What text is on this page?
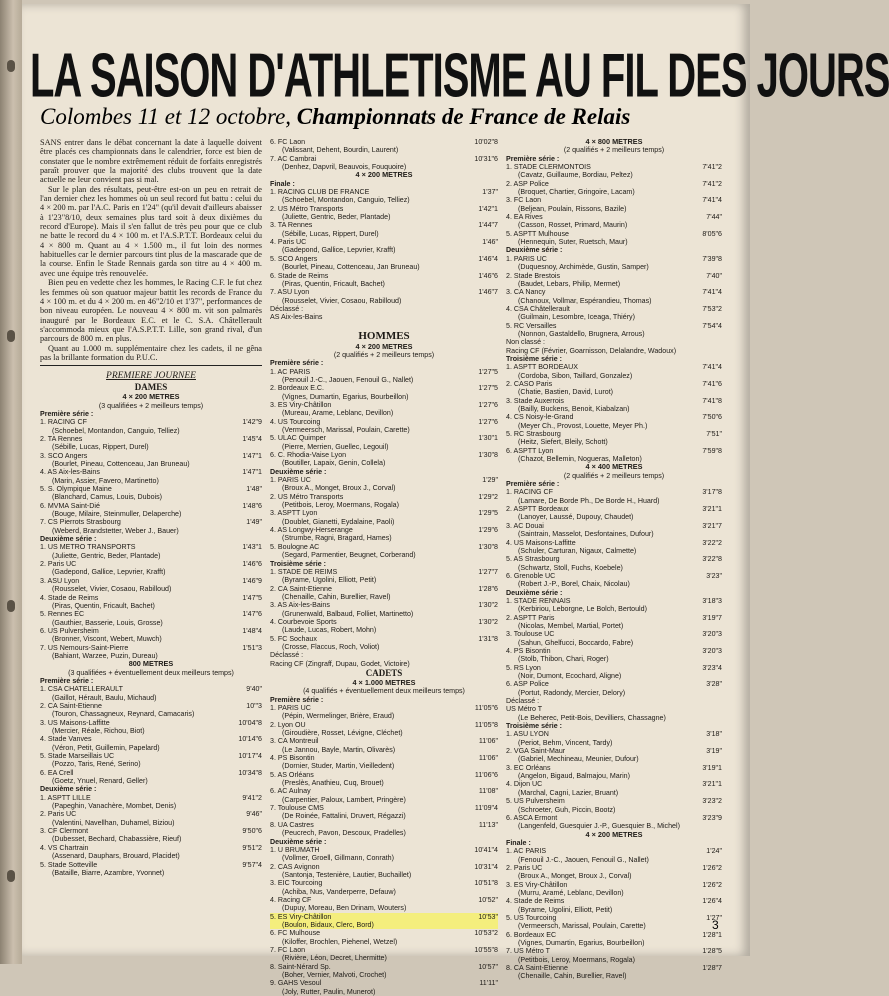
LA SAISON D'ATHLETISME AU FIL DES JOURS
Colombes 11 et 12 octobre, Championnats de France de Relais

SANS entrer dans le débat concernant la date à laquelle doivent être placés ces championnats dans le calendrier, force est bien de constater que le nombre extrêmement réduit de forfaits enregistrés paraît prouver que la majorité des clubs trouvent que la date actuelle ne leur convient pas si mal.

Sur le plan des résultats, peut-être est-on un peu en retrait de l'an dernier chez les hommes où un seul record fut battu : celui du 4 × 200 m. par l'A.C. Paris en 1'24" (qu'il devait d'ailleurs abaisser à 1'23"8/10, deux semaines plus tard soit à deux dixièmes du record d'Europe). Mais il s'en fallut de très peu pour que ce club ne batte le record du 4 × 100 m. et l'A.S.P.T.T. Bordeaux celui du 4 × 800 m. Quant au 4 × 1.500 m., il fut loin des normes habituelles car le dernier parcours tint plus de la mascarade que de la course. Enfin le Stade Rennais garda son titre au 4 × 400 m. avec une équipe très renouvelée.

Bien peu en vedette chez les hommes, le Racing C.F. le fut chez les femmes où son quatuor majeur battit les records de France du 4 × 100 m. et du 4 × 200 m. en 46"2/10 et 1'37", performances de bon niveau européen. Le nouveau 4 × 800 m. vit son palmarès inauguré par le Bordeaux E.C. et le C. S.A. Châtellerault s'accommoda mieux que l'A.S.P.T.T. Lille, son grand rival, d'un parcours de 800 m. en plus.

Quant au 1.000 m. supplémentaire chez les cadets, il ne gêna pas la brillante formation du P.U.C.

PREMIERE JOURNEE
DAMES
4 × 200 METRES
(3 qualifiées + 2 meilleurs temps)
Première série :
1. RACING CF	1'42"9
(Schoebel, Montandon, Canguio, Telliez)
2. TA Rennes	1'45"4
(Sébille, Lucas, Rippert, Durel)
3. SCO Angers	1'47"1
(Bourlet, Pineau, Cottenceau, Jan Bruneau)
4. AS Aix-les-Bains	1'47"1
(Marin, Assier, Favero, Martinetto)
5. S. Olympique Maine	1'48"
(Blanchard, Camus, Louis, Dubois)
6. MVMA Saint-Dié	1'48"6
(Bouge, Milaire, Steinmuller, Delaperche)
7. CS Pierrots Strasbourg	1'49"
(Weberd, Brandstetter, Weber J., Bauer)
Deuxième série :
1. US METRO TRANSPORTS	1'43"1
(Juliette, Gentric, Beder, Plantade)
2. Paris UC	1'46"6
(Gadepond, Gallice, Lepvrier, Krafft)
3. ASU Lyon	1'46"9
(Rousselet, Vivier, Cosaou, Rabilloud)
4. Stade de Reims	1'47"5
(Piras, Quentin, Fricault, Bachet)
5. Rennes EC	1'47"6
(Gauthier, Basserie, Louis, Grosse)
6. US Pulversheim	1'48"4
(Bronner, Viscont, Webert, Muwch)
7. US Nemours-Saint-Pierre	1'51"3
(Bahiant, Warzee, Puzin, Dureau)
800 METRES
(3 qualifiées + éventuellement deux meilleurs temps)
Première série :
1. CSA CHATELLERAULT	9'40"
(Gaillot, Hérault, Baulu, Michaud)
2. CA Saint-Etienne	10'"3
(Touron, Chassagneux, Reynard, Camacaris)
3. US Maisons-Laffitte	10'04"8
(Mercier, Réale, Richou, Biot)
4. Stade Vanves	10'14"6
(Véron, Petit, Guillemin, Papelard)
5. Stade Marseillais UC	10'17"4
(Pozzo, Taris, René, Serino)
6. EA Crell	10'34"8
(Goetz, Ynuel, Renard, Geller)
Deuxième série :
1. ASPTT LILLE	9'41"2
(Papeghin, Vanachère, Mombet, Denis)
2. Paris UC	9'46"
(Valentini, Navellhan, Duhamel, Biziou)
3. CF Clermont	9'50"6
(Dubesset, Bechard, Chabassière, Rieuf)
4. VS Chartrain	9'51"2
(Assenard, Dauphars, Brouard, Placidet)
5. Stade Sotteville	9'57"4
(Bataille, Biarre, Azambre, Yvonnet)
6. FC Laon	10'02"8
(Valissant, Dehent, Bourdin, Laurent)
7. AC Cambrai	10'31"6
(Denhez, Dapvril, Beauvois, Fouquoire)
4 × 200 METRES
Finale :
1. RACING CLUB DE FRANCE	1'37"
(Schoebel, Montandon, Canguio, Telliez)
2. US Métro Transports	1'42"1
(Juliette, Gentric, Beder, Plantade)
3. TA Rennes	1'44"7
(Sébille, Lucas, Rippert, Durel)
4. Paris UC	1'46"
(Gadepond, Gallice, Lepvrier, Krafft)
5. SCO Angers	1'46"4
(Bourlet, Pineau, Cottenceau, Jan Bruneau)
6. Stade de Reims	1'46"6
(Piras, Quentin, Fricault, Bachet)
7. ASU Lyon	1'46"7
(Rousselet, Vivier, Cosaou, Rabilloud)
Déclassé :
AS Aix-les-Bains
HOMMES
4 × 200 METRES
(2 qualifiés + 2 meilleurs temps)
Première série :
1. AC PARIS	1'27"5
(Penouil J.-C., Jaouen, Fenouil G., Nallet)
2. Bordeaux E.C.	1'27"5
(Vignes, Dumartin, Egarius, Bourbeillon)
3. ES Viry-Châtillon	1'27"6
(Mureau, Arame, Leblanc, Devillon)
4. US Tourcoing	1'27"6
(Vermeersch, Marissal, Poulain, Carette)
5. ULAC Quimper	1'30"1
(Pierre, Merrien, Guellec, Legouil)
6. C. Rhodia-Vaise Lyon	1'30"8
(Boutiller, Lapaix, Genin, Collela)
Deuxième série :
1. PARIS UC	1'29"
(Broux A., Monget, Broux J., Corval)
2. US Métro Transports	1'29"2
(Petitbois, Leroy, Moermans, Rogala)
3. ASPTT Lyon	1'29"5
(Doublet, Gianetti, Eydalaine, Paoli)
4. AS Longwy-Herserange	1'29"6
(Strumbe, Ragni, Bragard, Hames)
5. Boulogne AC	1'30"8
(Segard, Parmentier, Beugnet, Corberand)
Troisième série :
1. STADE DE REIMS	1'27"7
(Byrame, Ugolini, Elliott, Petit)
2. CA Saint-Etienne	1'28"6
(Chenaille, Cahin, Burellier, Ravel)
3. AS Aix-les-Bains	1'30"2
(Grunenwald, Balbaud, Folliet, Martinetto)
4. Courbevoie Sports	1'30"2
(Laude, Lucas, Robert, Mohn)
5. FC Sochaux	1'31"8
(Crosse, Flaccus, Roch, Voliot)
Déclassé :
Racing CF (Zingraff, Dupau, Godet, Victoire)
CADETS
4 × 1.000 METRES
(4 qualifiés + éventuellement deux meilleurs temps)
Première série :
1. PARIS UC	11'05"6
(Pépin, Wermelinger, Brière, Eraud)
2. Lyon OU	11'05"8
(Giroudière, Rosset, Lévigne, Cléchet)
3. CA Montreuil	11'06"
(Le Jannou, Bayle, Martin, Olivarès)
4. PS Bisontin	11'06"
(Dornier, Studer, Martin, Vieilledent)
5. AS Orléans	11'06"6
(Preslès, Anathieu, Cuq, Brouet)
6. AC Aulnay	11'08"
(Carpentier, Paloux, Lambert, Pringère)
7. Toulouse CMS	11'09"4
(De Roinée, Fattalini, Druvert, Régazzi)
8. UA Castres	11'13"
(Peucrech, Pavon, Descoux, Pradelles)
Deuxième série :
1. U BRUMATH	10'41"4
(Vollmer, Groell, Gillmann, Conrath)
2. CAS Avignon	10'31"4
(Santonja, Testenière, Lautier, Buchaillet)
3. EIC Tourcoing	10'51"8
(Achiba, Nus, Vanderperre, Defauw)
4. Racing CF	10'52"
(Dupuy, Moreau, Ben Drinam, Wouters)
5. ES Viry-Châtillon	10'53"
(Boulon, Bidaux, Clerc, Bord)
6. FC Mulhouse	10'53"2
(Kiloffer, Brochlen, Piehenel, Wetzel)
7. FC Laon	10'55"8
(Rivière, Léon, Decret, Lhermitte)
8. Saint-Nérard Sp.	10'57"
(Boher, Vernier, Malvoti, Crochet)
9. GAHS Vesoul	11'11"
(Joly, Rutter, Paulin, Munerot)
4 × 800 METRES
(2 qualifiés + 2 meilleurs temps)
Première série :
1. STADE CLERMONTOIS	7'41"2
(Cavatz, Guillaume, Bordiau, Peltez)
2. ASP Police	7'41"2
(Broquet, Chartier, Gringoire, Lacam)
3. FC Laon	7'41"4
(Beljean, Poulain, Rissons, Bazile)
4. EA Rives	7'44"
(Casson, Rosset, Primard, Maurin)
5. ASPTT Mulhouse	8'05"6
(Hennequin, Suter, Ruetsch, Maur)
Deuxième série :
1. PARIS UC	7'39"8
(Duquesnoy, Archimède, Gustin, Samper)
2. Stade Brestois	7'40"
(Baudet, Lebars, Philip, Mermet)
3. CA Nancy	7'41"4
(Chanoux, Vollmar, Espérandieu, Thomas)
4. CSA Châtellerault	7'53"2
(Guilmain, Lesombre, Iceaga, Thiéry)
5. RC Versailles	7'54"4
(Nonnon, Gastaldello, Brugnera, Arrous)
Non classé :
Racing CF (Février, Goarnisson, Delalandre, Wadoux)
Troisième série :
1. ASPTT BORDEAUX	7'41"4
(Cordoba, Sibon, Taillard, Gonzalez)
2. CASO Paris	7'41"6
(Chatie, Bastien, David, Lurot)
3. Stade Auxerrois	7'41"8
(Bailly, Buckens, Benoit, Kiabalzan)
4. CS Noisy-le-Grand	7'50"6
(Meyer Ch., Provost, Louette, Meyer Ph.)
5. RC Strasbourg	7'51"
(Heitz, Siefert, Bleily, Schott)
6. ASPTT Lyon	7'59"8
(Chazot, Bellemin, Nogueras, Malleton)
4 × 400 METRES
(2 qualifiés + 2 meilleurs temps)
Première série :
1. RACING CF	3'17"8
(Lamare, De Borde Ph., De Borde H., Huard)
2. ASPTT Bordeaux	3'21"1
(Lanoyer, Laussé, Dupouy, Chaudet)
3. AC Douai	3'21"7
(Saintrain, Masselot, Desfontaines, Dufour)
4. US Maisons-Laffitte	3'22"2
(Schuler, Carturan, Nigaux, Calmette)
5. AS Strasbourg	3'22"8
(Schwartz, Stoll, Fuchs, Koebele)
6. Grenoble UC	3'23"
(Robert J.-P., Borel, Chaix, Nicolau)
Deuxième série :
1. STADE RENNAIS	3'18"3
(Kerbiriou, Leborgne, Le Bolch, Bertould)
2. ASPTT Paris	3'19"7
(Nicolas, Membel, Martial, Portet)
3. Toulouse UC	3'20"3
(Sahun, Ghelfucci, Boccardo, Fabre)
4. PS Bisontin	3'20"3
(Stolb, Thibon, Chari, Roger)
5. RS Lyon	3'23"4
(Noir, Dumont, Ecochard, Aligne)
6. ASP Police	3'28"
(Portut, Radondy, Mercier, Delory)
Déclassé :
US Métro T
(Le Beherec, Petit-Bois, Devilliers, Chassagne)
Troisième série :
1. ASU LYON	3'18"
(Periot, Behm, Vincent, Tardy)
2. VGA Saint-Maur	3'19"
(Gabriel, Mechineau, Meunier, Dufour)
3. EC Orléans	3'19"1
(Angelon, Bigaud, Balmajou, Marin)
4. Dijon UC	3'21"1
(Marchal, Cagni, Lazier, Bruant)
5. US Pulversheim	3'23"2
(Schroeter, Guh, Piccin, Bootz)
6. ASCA Ermont	3'23"9
(Langenfeld, Guesquier J.-P., Guesquier B., Michel)
4 × 200 METRES
Finale :
1. AC PARIS	1'24"
(Fenouil J.-C., Jaouen, Fenouil G., Nallet)
2. Paris UC	1'26"2
(Broux A., Monget, Broux J., Corval)
3. ES Viry-Châtillon	1'26"2
(Murru, Aramé, Leblanc, Devillon)
4. Stade de Reims	1'26"4
(Byrame, Ugolini, Elliott, Petit)
5. US Tourcoing	1'27"
(Vermeersch, Marissal, Poulain, Carette)
6. Bordeaux EC	1'28"1
(Vignes, Dumartin, Egarius, Bourbeillon)
7. US Métro T	1'28"5
(Petitbois, Leroy, Moermans, Rogala)
8. CA Saint-Etienne	1'28"7
(Chenaille, Cahin, Burellier, Ravel)
3
